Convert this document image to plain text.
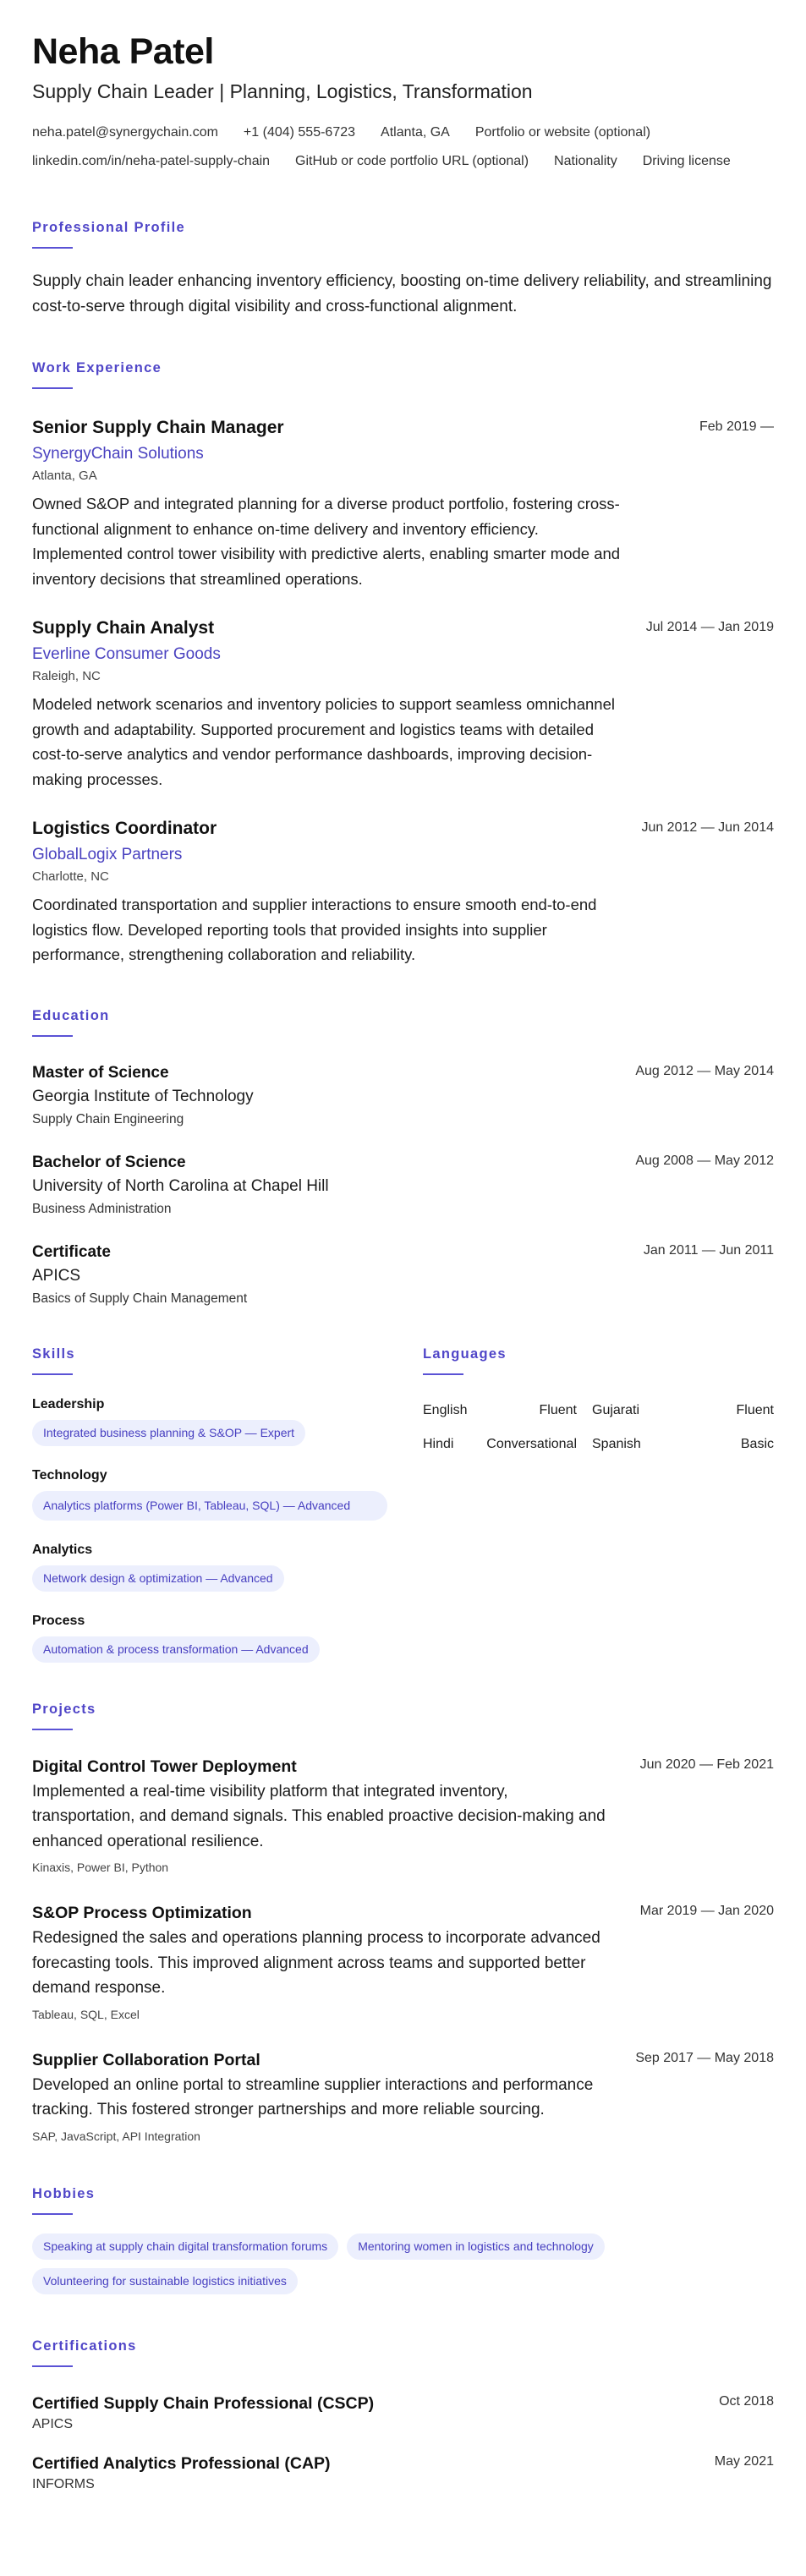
Neha Patel
Supply Chain Leader | Planning, Logistics, Transformation
neha.patel@synergychain.com +1 (404) 555-6723 Atlanta, GA Portfolio or website (optional)
linkedin.com/in/neha-patel-supply-chain GitHub or code portfolio URL (optional) Nationality Driving license
Professional Profile

Supply chain leader enhancing inventory efficiency, boosting on-time delivery reliability, and streamlining cost-to-serve through digital visibility and cross-functional alignment.

Work Experience
Senior Supply Chain Manager	Feb 2019 —
SynergyChain Solutions
Atlanta, GA

Owned S&OP and integrated planning for a diverse product portfolio, fostering cross-functional alignment to enhance on-time delivery and inventory efficiency. Implemented control tower visibility with predictive alerts, enabling smarter mode and inventory decisions that streamlined operations.

Supply Chain Analyst	Jul 2014 — Jan 2019
Everline Consumer Goods
Raleigh, NC

Modeled network scenarios and inventory policies to support seamless omnichannel growth and adaptability. Supported procurement and logistics teams with detailed cost-to-serve analytics and vendor performance dashboards, improving decision-making processes.

Logistics Coordinator	Jun 2012 — Jun 2014
GlobalLogix Partners
Charlotte, NC

Coordinated transportation and supplier interactions to ensure smooth end-to-end logistics flow. Developed reporting tools that provided insights into supplier performance, strengthening collaboration and reliability.

Education
Master of Science	Aug 2012 — May 2014
Georgia Institute of Technology
Supply Chain Engineering
Bachelor of Science	Aug 2008 — May 2012
University of North Carolina at Chapel Hill
Business Administration
Certificate	Jan 2011 — Jun 2011
APICS
Basics of Supply Chain Management
Skills
Leadership
Integrated business planning & S&OP — Expert
Technology
Analytics platforms (Power BI, Tableau, SQL) — Advanced
Analytics
Network design & optimization — Advanced
Process
Automation & process transformation — Advanced
Languages
English	Fluent Gujarati	Fluent
Hindi Conversational Spanish	Basic
Projects
Digital Control Tower Deployment	Jun 2020 — Feb 2021

Implemented a real-time visibility platform that integrated inventory, transportation, and demand signals. This enabled proactive decision-making and enhanced operational resilience.

Kinaxis, Power BI, Python
S&OP Process Optimization	Mar 2019 — Jan 2020

Redesigned the sales and operations planning process to incorporate advanced forecasting tools. This improved alignment across teams and supported better demand response.

Tableau, SQL, Excel
Supplier Collaboration Portal	Sep 2017 — May 2018

Developed an online portal to streamline supplier interactions and performance tracking. This fostered stronger partnerships and more reliable sourcing.

SAP, JavaScript, API Integration
Hobbies
Speaking at supply chain digital transformation forums	Mentoring women in logistics and technology
Volunteering for sustainable logistics initiatives
Certifications
Certified Supply Chain Professional (CSCP)	Oct 2018
APICS
Certified Analytics Professional (CAP)	May 2021
INFORMS
